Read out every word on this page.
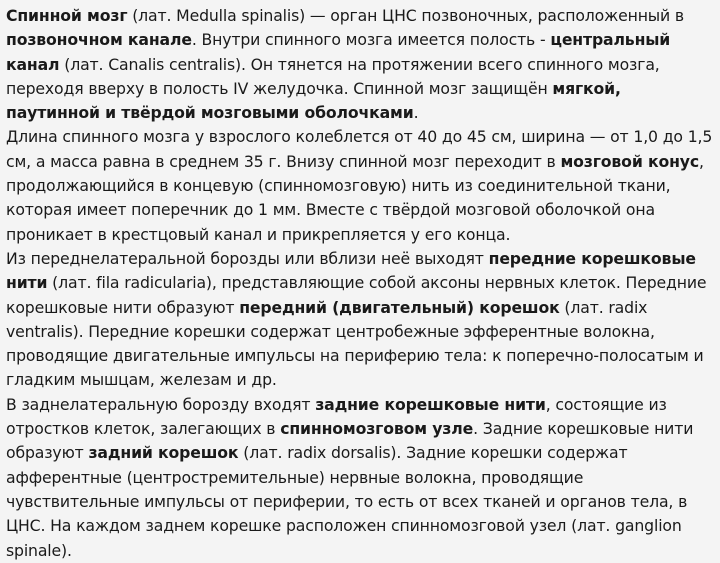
Спинной мозг (лат. Medulla spinalis) — орган ЦНС позвоночных, расположенный в позвоночном канале. Внутри спинного мозга имеется полость - центральный канал (лат. Canalis centralis). Он тянется на протяжении всего спинного мозга, переходя вверху в полость IV желудочка. Спинной мозг защищён мягкой, паутинной и твёрдой мозговыми оболочками.

Длина спинного мозга у взрослого колеблется от 40 до 45 см, ширина — от 1,0 до 1,5 см, а масса равна в среднем 35 г. Внизу спинной мозг переходит в мозговой конус, продолжающийся в концевую (спинномозговую) нить из соединительной ткани, которая имеет поперечник до 1 мм. Вместе с твёрдой мозговой оболочкой она проникает в крестцовый канал и прикрепляется у его конца.

Из переднелатеральной борозды или вблизи неё выходят передние корешковые нити (лат. fila radicularia), представляющие собой аксоны нервных клеток. Передние корешковые нити образуют передний (двигательный) корешок (лат. radix ventralis). Передние корешки содержат центробежные эфферентные волокна, проводящие двигательные импульсы на периферию тела: к поперечно-полосатым и гладким мышцам, железам и др.

В заднелатеральную борозду входят задние корешковые нити, состоящие из отростков клеток, залегающих в спинномозговом узле. Задние корешковые нити образуют задний корешок (лат. radix dorsalis). Задние корешки содержат афферентные (центростремительные) нервные волокна, проводящие чувствительные импульсы от периферии, то есть от всех тканей и органов тела, в ЦНС. На каждом заднем корешке расположен спинномозговой узел (лат. ganglion spinale).
